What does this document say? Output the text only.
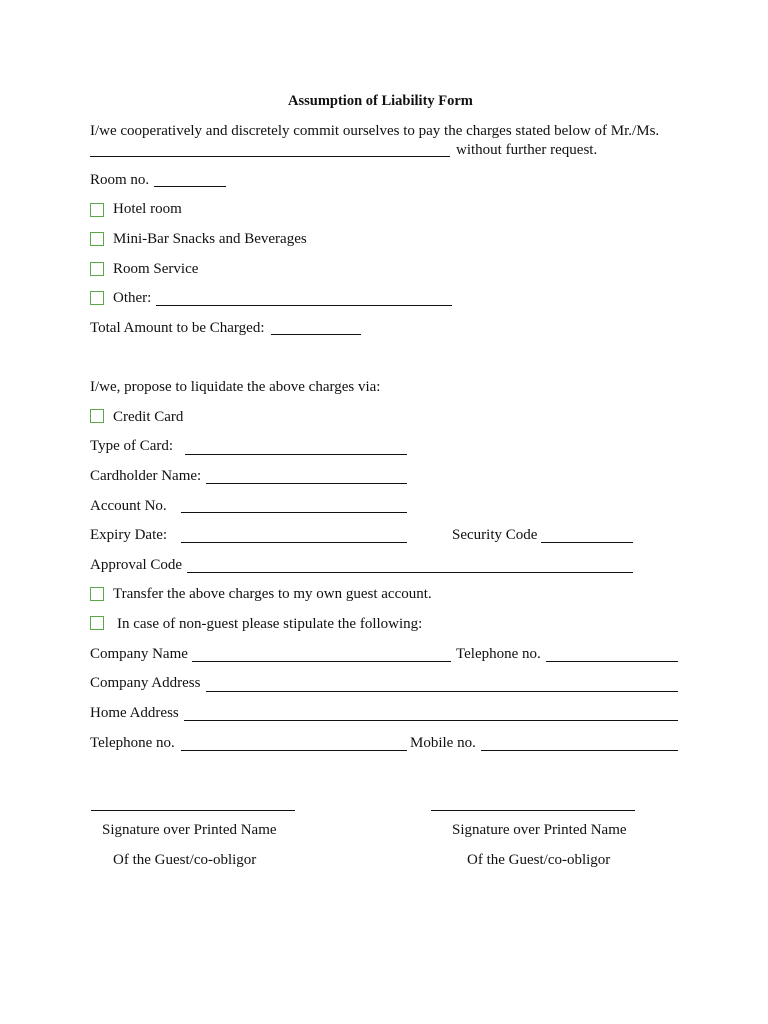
Assumption of Liability Form
I/we cooperatively and discretely commit ourselves to pay the charges stated below of Mr./Ms.
without further request.
Room no.
Hotel room
Mini-Bar Snacks and Beverages
Room Service
Other:
Total Amount to be Charged:
I/we, propose to liquidate the above charges via:
Credit Card
Type of Card:
Cardholder Name:
Account No.
Expiry Date:	Security Code
Approval Code
Transfer the above charges to my own guest account.
In case of non-guest please stipulate the following:
Company Name	Telephone no.
Company Address
Home Address
Telephone no.	Mobile no.
Signature over Printed Name
Of the Guest/co-obligor
Signature over Printed Name
Of the Guest/co-obligor
